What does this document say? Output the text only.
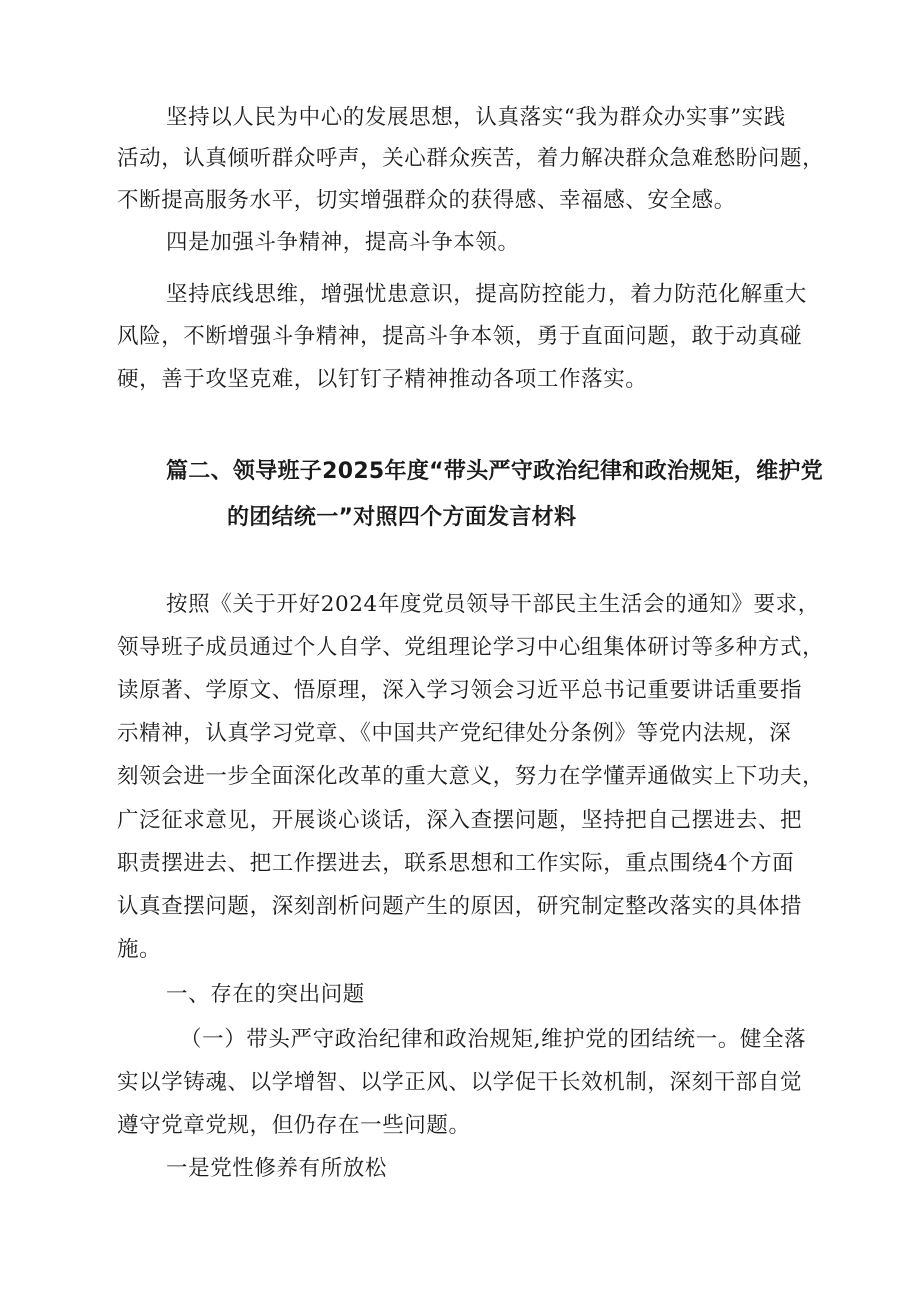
坚持以人民为中心的发展思想，认真落实“我为群众办实事”实践
活动，认真倾听群众呼声，关心群众疾苦，着力解决群众急难愁盼问题，
不断提高服务水平，切实增强群众的获得感、幸福感、安全感。
四是加强斗争精神，提高斗争本领。
坚持底线思维，增强忧患意识，提高防控能力，着力防范化解重大
风险，不断增强斗争精神，提高斗争本领，勇于直面问题，敢于动真碰
硬，善于攻坚克难，以钉钉子精神推动各项工作落实。
篇二、领导班子2025年度“带头严守政治纪律和政治规矩，维护党
的团结统一”对照四个方面发言材料
按照《关于开好2024年度党员领导干部民主生活会的通知》要求，
领导班子成员通过个人自学、党组理论学习中心组集体研讨等多种方式，
读原著、学原文、悟原理，深入学习领会习近平总书记重要讲话重要指
示精神，认真学习党章、《中国共产党纪律处分条例》等党内法规，深
刻领会进一步全面深化改革的重大意义，努力在学懂弄通做实上下功夫，
广泛征求意见，开展谈心谈话，深入查摆问题，坚持把自己摆进去、把
职责摆进去、把工作摆进去，联系思想和工作实际，重点围绕4个方面
认真查摆问题，深刻剖析问题产生的原因，研究制定整改落实的具体措
施。
一、存在的突出问题
（一）带头严守政治纪律和政治规矩,维护党的团结统一。健全落
实以学铸魂、以学增智、以学正风、以学促干长效机制，深刻干部自觉
遵守党章党规，但仍存在一些问题。
一是党性修养有所放松
